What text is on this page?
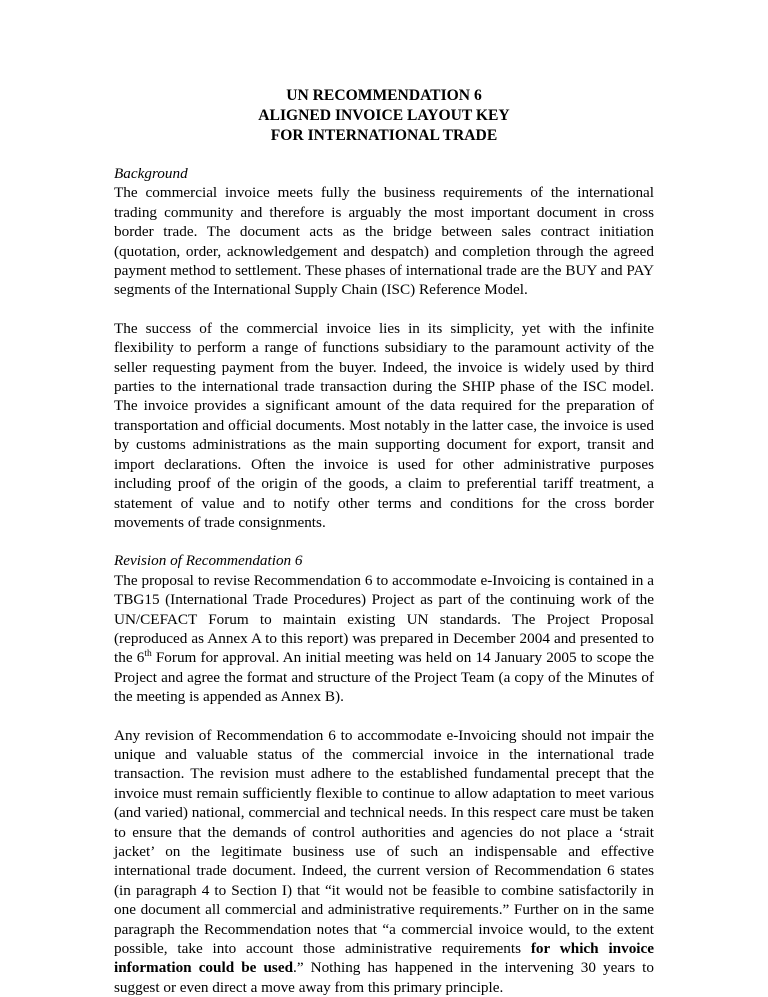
UN RECOMMENDATION 6
ALIGNED INVOICE LAYOUT KEY
FOR INTERNATIONAL TRADE

Background

The commercial invoice meets fully the business requirements of the international trading community and therefore is arguably the most important document in cross border trade. The document acts as the bridge between sales contract initiation (quotation, order, acknowledgement and despatch) and completion through the agreed payment method to settlement. These phases of international trade are the BUY and PAY segments of the International Supply Chain (ISC) Reference Model.

The success of the commercial invoice lies in its simplicity, yet with the infinite flexibility to perform a range of functions subsidiary to the paramount activity of the seller requesting payment from the buyer. Indeed, the invoice is widely used by third parties to the international trade transaction during the SHIP phase of the ISC model. The invoice provides a significant amount of the data required for the preparation of transportation and official documents. Most notably in the latter case, the invoice is used by customs administrations as the main supporting document for export, transit and import declarations. Often the invoice is used for other administrative purposes including proof of the origin of the goods, a claim to preferential tariff treatment, a statement of value and to notify other terms and conditions for the cross border movements of trade consignments.

Revision of Recommendation 6

The proposal to revise Recommendation 6 to accommodate e-Invoicing is contained in a TBG15 (International Trade Procedures) Project as part of the continuing work of the UN/CEFACT Forum to maintain existing UN standards. The Project Proposal (reproduced as Annex A to this report) was prepared in December 2004 and presented to the 6th Forum for approval. An initial meeting was held on 14 January 2005 to scope the Project and agree the format and structure of the Project Team (a copy of the Minutes of the meeting is appended as Annex B).

Any revision of Recommendation 6 to accommodate e-Invoicing should not impair the unique and valuable status of the commercial invoice in the international trade transaction. The revision must adhere to the established fundamental precept that the invoice must remain sufficiently flexible to continue to allow adaptation to meet various (and varied) national, commercial and technical needs. In this respect care must be taken to ensure that the demands of control authorities and agencies do not place a ‘strait jacket’ on the legitimate business use of such an indispensable and effective international trade document. Indeed, the current version of Recommendation 6 states (in paragraph 4 to Section I) that “it would not be feasible to combine satisfactorily in one document all commercial and administrative requirements.” Further on in the same paragraph the Recommendation notes that “a commercial invoice would, to the extent possible, take into account those administrative requirements for which invoice information could be used.” Nothing has happened in the intervening 30 years to suggest or even direct a move away from this primary principle.
